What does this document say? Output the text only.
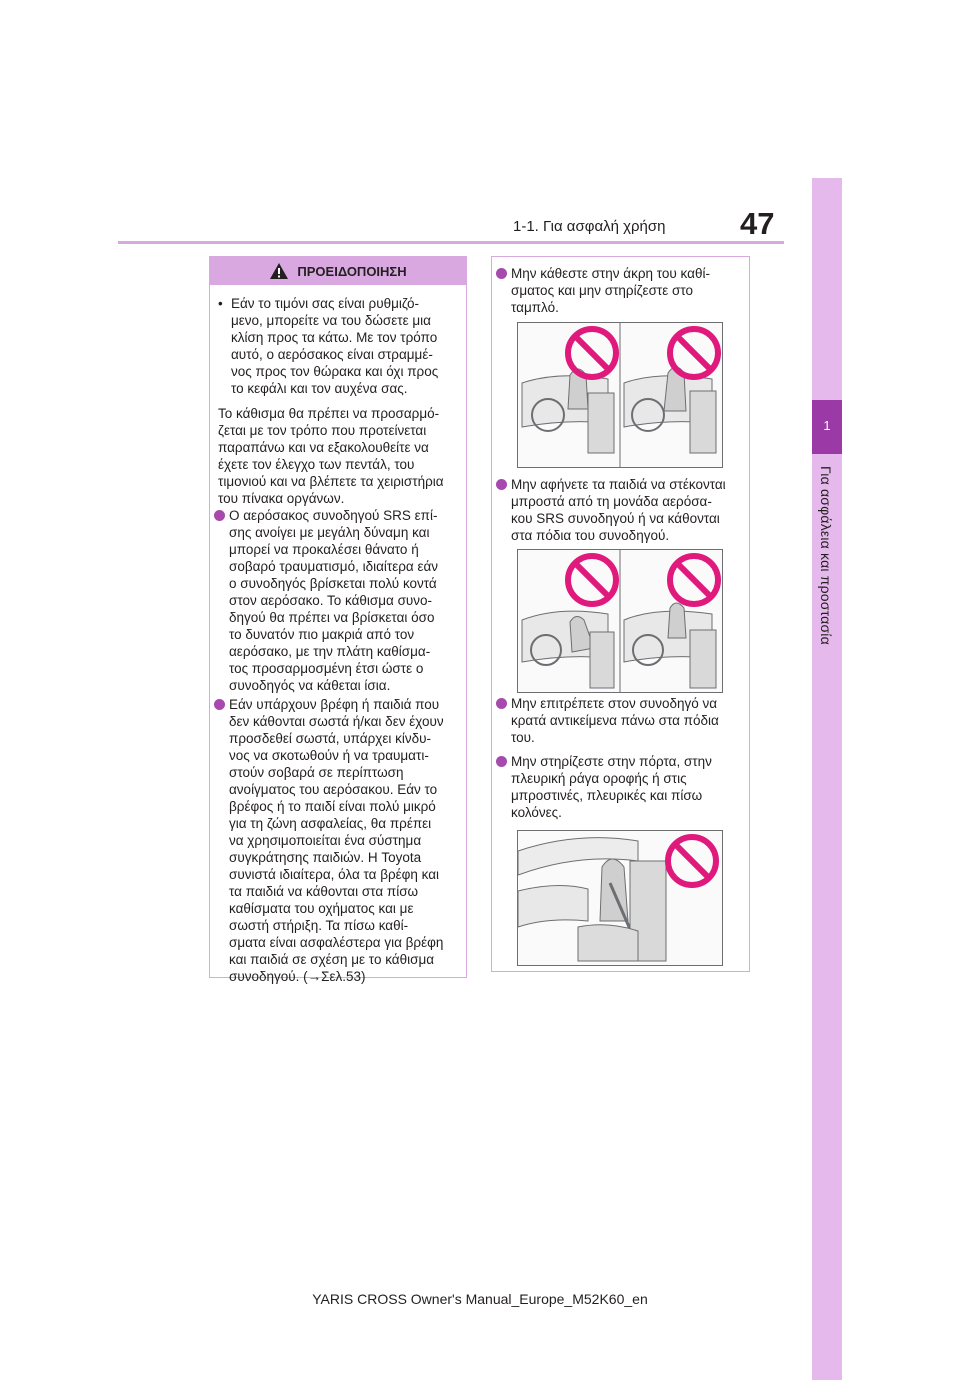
1-1. Για ασφαλή χρήση 47
1
Για ασφάλεια και προστασία
ΠΡΟΕΙΔΟΠΟΙΗΣΗ
• Εάν το τιμόνι σας είναι ρυθμιζό-

μενο, μπορείτε να του δώσετε μια

κλίση προς τα κάτω. Με τον τρόπο

αυτό, ο αερόσακος είναι στραμμέ-

νος προς τον θώρακα και όχι προς

το κεφάλι και τον αυχένα σας.

Το κάθισμα θα πρέπει να προσαρμό-

ζεται με τον τρόπο που προτείνεται

παραπάνω και να εξακολουθείτε να

έχετε τον έλεγχο των πεντάλ, του

τιμονιού και να βλέπετε τα χειριστήρια

του πίνακα οργάνων.

Ο αερόσακος συνοδηγού SRS επί-

σης ανοίγει με μεγάλη δύναμη και

μπορεί να προκαλέσει θάνατο ή

σοβαρό τραυματισμό, ιδιαίτερα εάν

ο συνοδηγός βρίσκεται πολύ κοντά

στον αερόσακο. Το κάθισμα συνο-

δηγού θα πρέπει να βρίσκεται όσο

το δυνατόν πιο μακριά από τον

αερόσακο, με την πλάτη καθίσμα-

τος προσαρμοσμένη έτσι ώστε ο

συνοδηγός να κάθεται ίσια.

Εάν υπάρχουν βρέφη ή παιδιά που

δεν κάθονται σωστά ή/και δεν έχουν

προσδεθεί σωστά, υπάρχει κίνδυ-

νος να σκοτωθούν ή να τραυματι-

στούν σοβαρά σε περίπτωση

ανοίγματος του αερόσακου. Εάν το

βρέφος ή το παιδί είναι πολύ μικρό

για τη ζώνη ασφαλείας, θα πρέπει

να χρησιμοποιείται ένα σύστημα

συγκράτησης παιδιών. Η Toyota

συνιστά ιδιαίτερα, όλα τα βρέφη και

τα παιδιά να κάθονται στα πίσω

καθίσματα του οχήματος και με

σωστή στήριξη. Τα πίσω καθί-

σματα είναι ασφαλέστερα για βρέφη

και παιδιά σε σχέση με το κάθισμα

συνοδηγού. (→Σελ.53)

Μην κάθεστε στην άκρη του καθί-

σματος και μην στηρίζεστε στο

ταμπλό.

Μην αφήνετε τα παιδιά να στέκονται

μπροστά από τη μονάδα αερόσα-

κου SRS συνοδηγού ή να κάθονται

στα πόδια του συνοδηγού.

Μην επιτρέπετε στον συνοδηγό να

κρατά αντικείμενα πάνω στα πόδια

του.

Μην στηρίζεστε στην πόρτα, στην

πλευρική ράγα οροφής ή στις

μπροστινές, πλευρικές και πίσω

κολόνες.

YARIS CROSS Owner's Manual_Europe_M52K60_en
